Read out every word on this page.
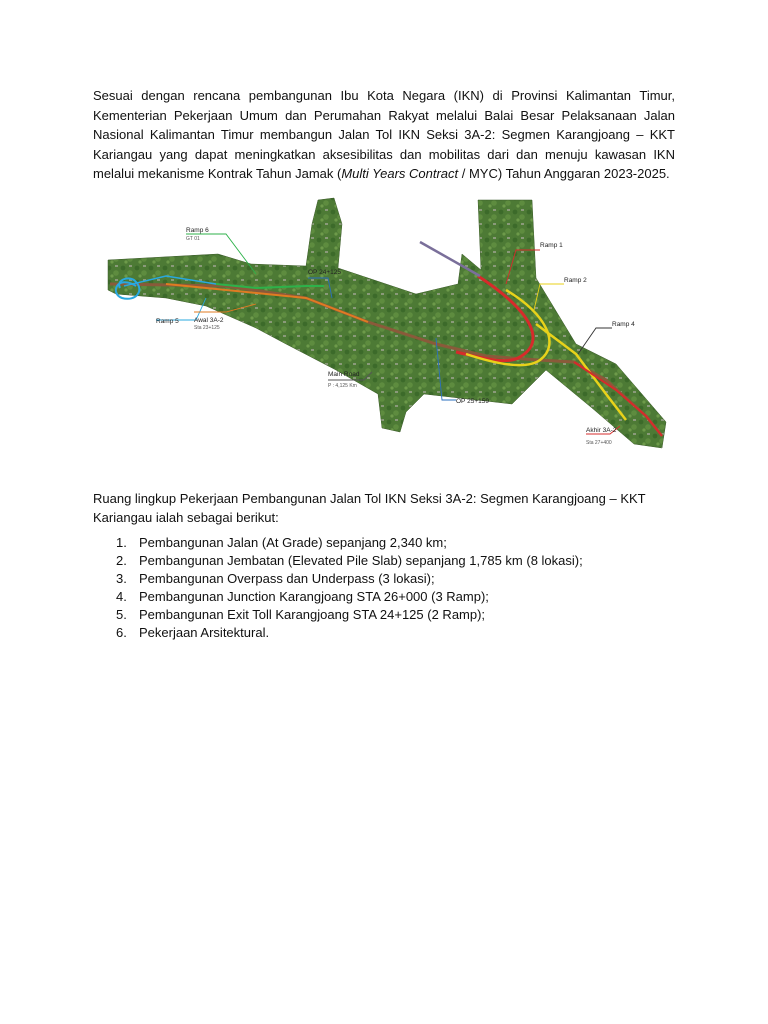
Sesuai dengan rencana pembangunan Ibu Kota Negara (IKN) di Provinsi Kalimantan Timur, Kementerian Pekerjaan Umum dan Perumahan Rakyat melalui Balai Besar Pelaksanaan Jalan Nasional Kalimantan Timur membangun Jalan Tol IKN Seksi 3A-2: Segmen Karangjoang – KKT Kariangau yang dapat meningkatkan aksesibilitas dan mobilitas dari dan menuju kawasan IKN melalui mekanisme Kontrak Tahun Jamak (Multi Years Contract / MYC) Tahun Anggaran 2023-2025.

Ramp 6
GT 01
Ramp 5 Awal 3A-2
Sta 23+125
OP 24+125
Main Road
P : 4,125 Km
OP 25+159
Ramp 1
Ramp 2
Ramp 4
Akhir 3A-2
Sta 27+400

Ruang lingkup Pekerjaan Pembangunan Jalan Tol IKN Seksi 3A-2: Segmen Karangjoang – KKT Kariangau ialah sebagai berikut:

1. Pembangunan Jalan (At Grade) sepanjang 2,340 km;
2. Pembangunan Jembatan (Elevated Pile Slab) sepanjang 1,785 km (8 lokasi);
3. Pembangunan Overpass dan Underpass (3 lokasi);
4. Pembangunan Junction Karangjoang STA 26+000 (3 Ramp);
5. Pembangunan Exit Toll Karangjoang STA 24+125 (2 Ramp);
6. Pekerjaan Arsitektural.
